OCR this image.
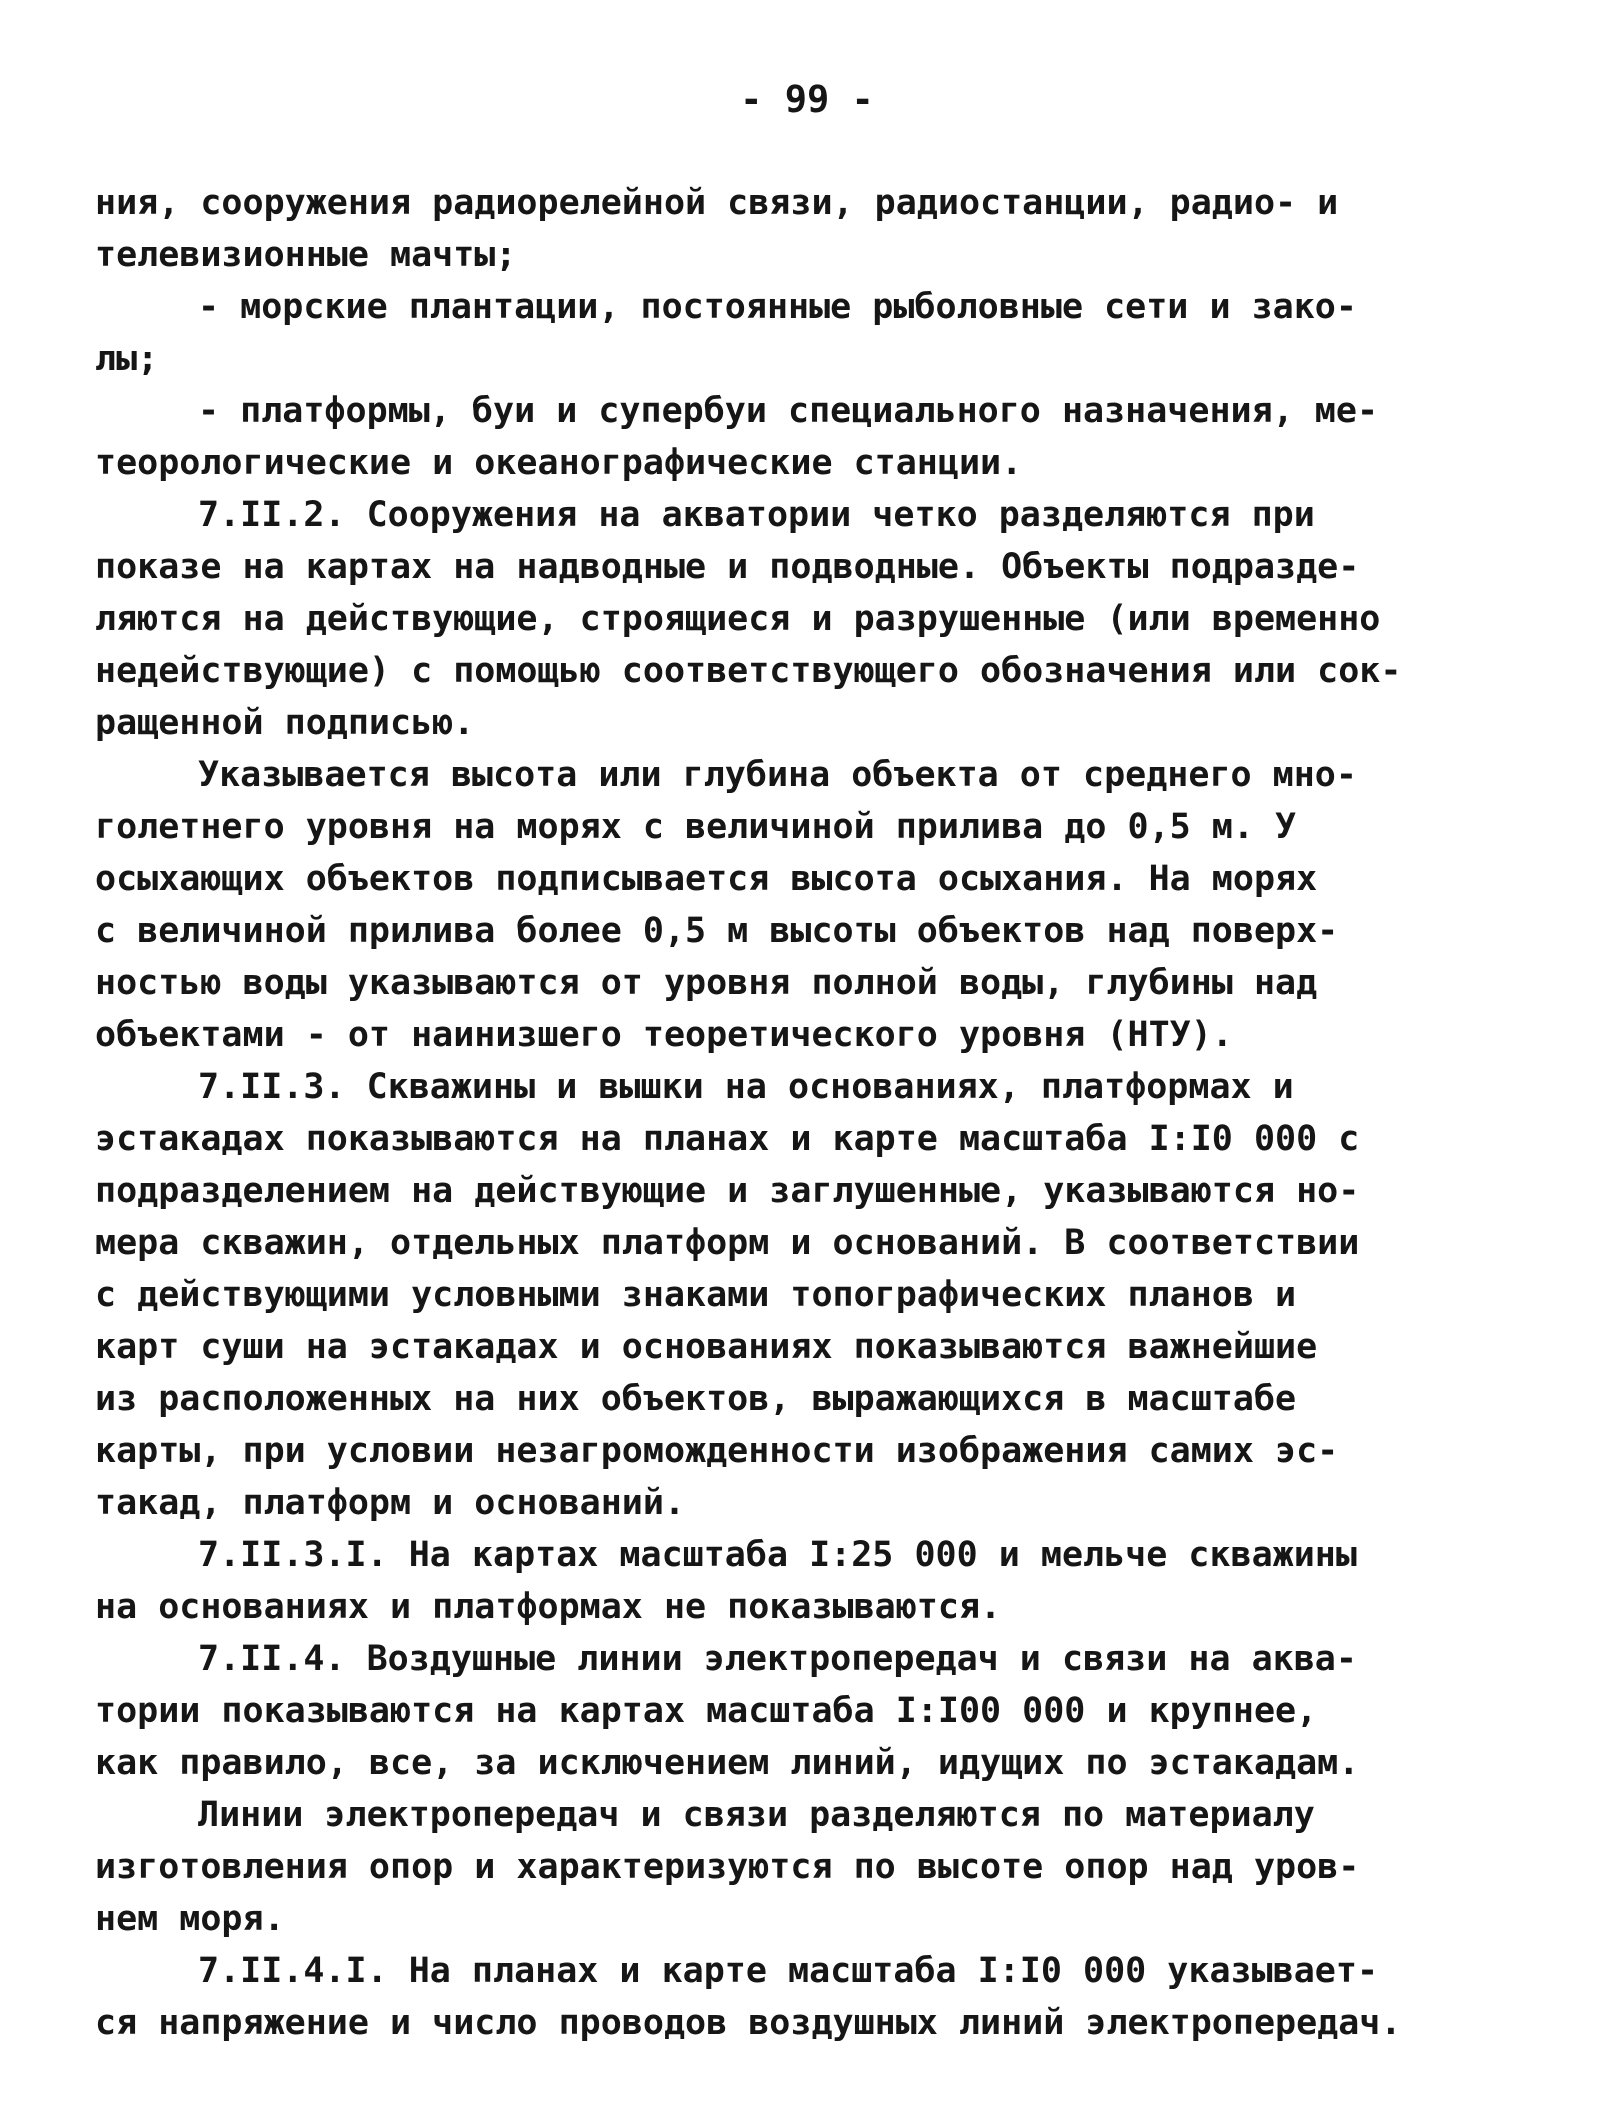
- 99 -
ния, сооружения радиорелейной связи, радиостанции, радио- и
телевизионные мачты;
- морские плантации, постоянные рыболовные сети и зако-
лы;
- платформы, буи и супербуи специального назначения, ме-
теорологические и океанографические станции.
7.II.2. Сооружения на акватории четко разделяются при
показе на картах на надводные и подводные. Объекты подразде-
ляются на действующие, строящиеся и разрушенные (или временно
недействующие) с помощью соответствующего обозначения или сок-
ращенной подписью.
Указывается высота или глубина объекта от среднего мно-
голетнего уровня на морях с величиной прилива до 0,5 м. У
осыхающих объектов подписывается высота осыхания. На морях
с величиной прилива более 0,5 м высоты объектов над поверх-
ностью воды указываются от уровня полной воды, глубины над
объектами - от наинизшего теоретического уровня (НТУ).
7.II.3. Скважины и вышки на основаниях, платформах и
эстакадах показываются на планах и карте масштаба I:I0 000 с
подразделением на действующие и заглушенные, указываются но-
мера скважин, отдельных платформ и оснований. В соответствии
с действующими условными знаками топографических планов и
карт суши на эстакадах и основаниях показываются важнейшие
из расположенных на них объектов, выражающихся в масштабе
карты, при условии незагроможденности изображения самих эс-
такад, платформ и оснований.
7.II.3.I. На картах масштаба I:25 000 и мельче скважины
на основаниях и платформах не показываются.
7.II.4. Воздушные линии электропередач и связи на аква-
тории показываются на картах масштаба I:I00 000 и крупнее,
как правило, все, за исключением линий, идущих по эстакадам.
Линии электропередач и связи разделяются по материалу
изготовления опор и характеризуются по высоте опор над уров-
нем моря.
7.II.4.I. На планах и карте масштаба I:I0 000 указывает-
ся напряжение и число проводов воздушных линий электропередач.
